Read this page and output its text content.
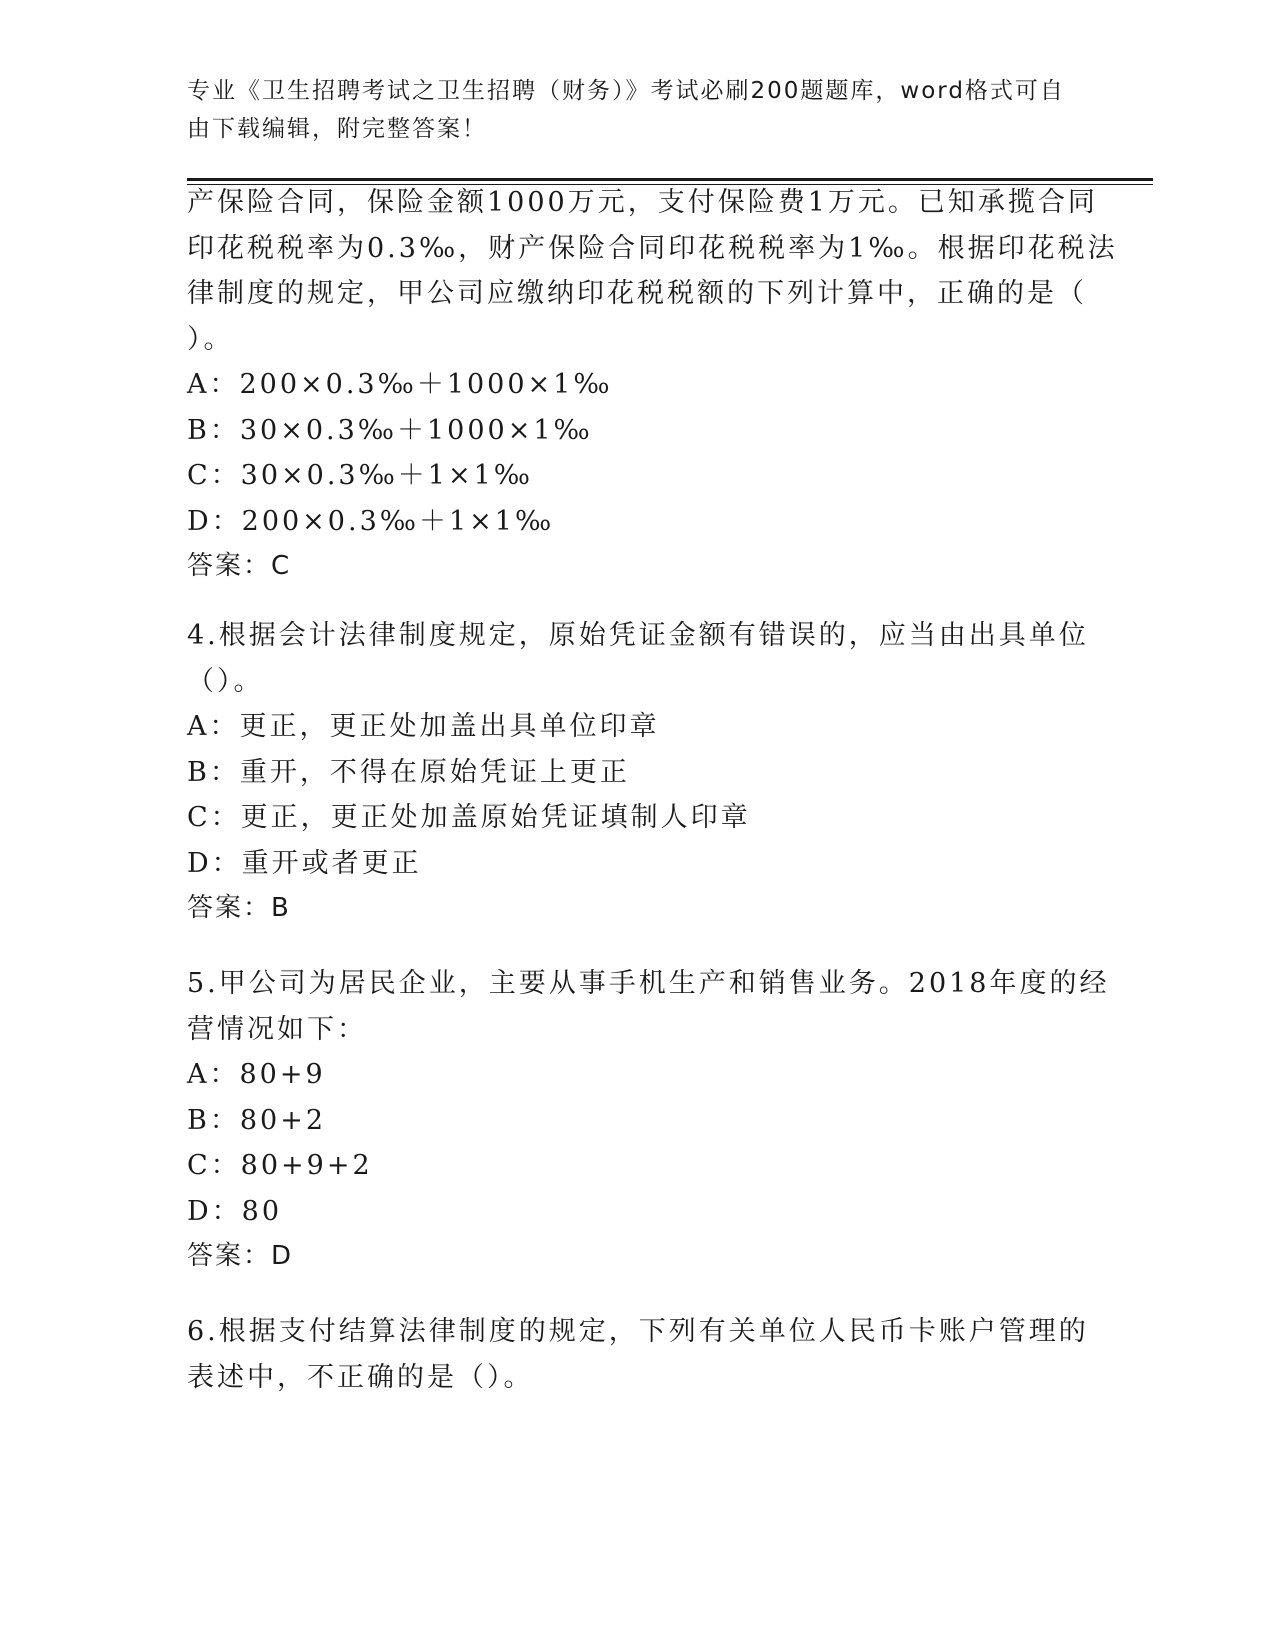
专业《卫生招聘考试之卫生招聘（财务）》考试必刷200题题库，word格式可自
由下载编辑，附完整答案！
产保险合同，保险金额1000万元，支付保险费1万元。已知承揽合同
印花税税率为0.3‰，财产保险合同印花税税率为1‰。根据印花税法
律制度的规定，甲公司应缴纳印花税税额的下列计算中，正确的是（
）。
A：200×0.3‰＋1000×1‰
B：30×0.3‰＋1000×1‰
C：30×0.3‰＋1×1‰
D：200×0.3‰＋1×1‰
答案：C
4.根据会计法律制度规定，原始凭证金额有错误的，应当由出具单位
（）。
A：更正，更正处加盖出具单位印章
B：重开，不得在原始凭证上更正
C：更正，更正处加盖原始凭证填制人印章
D：重开或者更正
答案：B
5.甲公司为居民企业，主要从事手机生产和销售业务。2018年度的经
营情况如下：
A：80+9
B：80+2
C：80+9+2
D：80
答案：D
6.根据支付结算法律制度的规定，下列有关单位人民币卡账户管理的
表述中，不正确的是（）。
